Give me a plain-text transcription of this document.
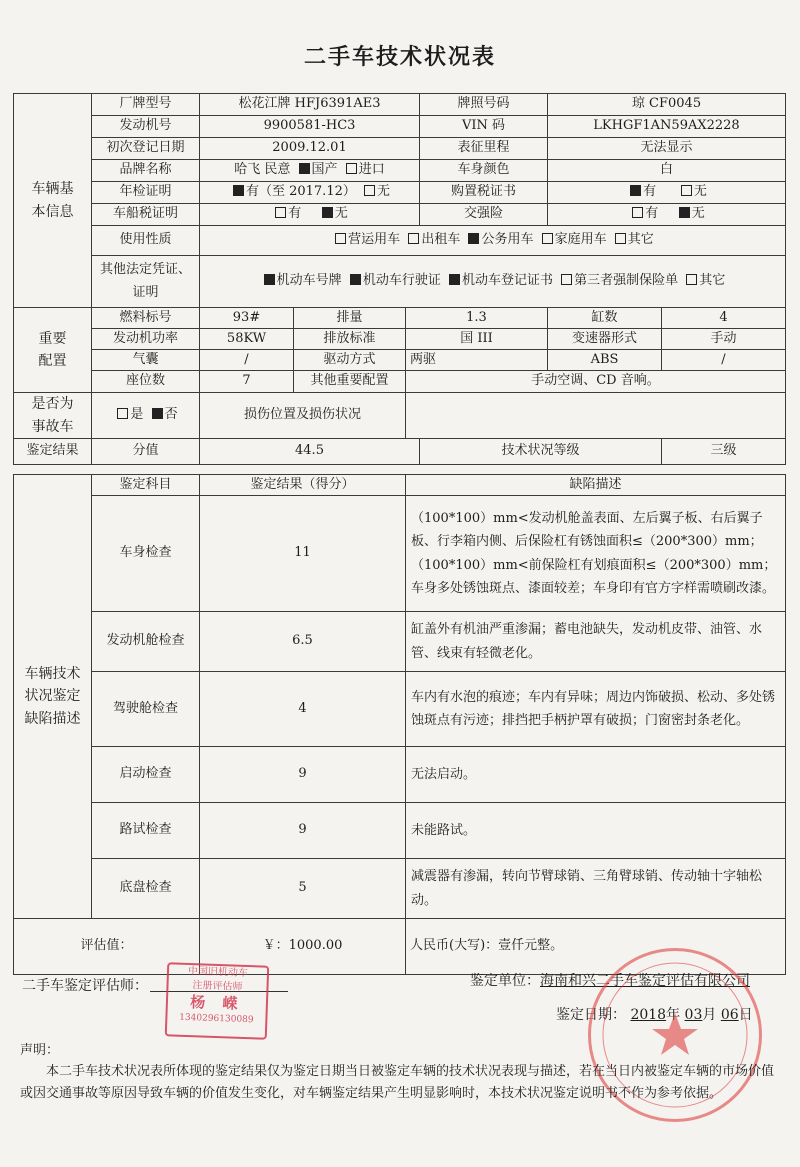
二手车技术状况表
车辆基本信息	厂牌型号	松花江牌 HFJ6391AE3			牌照号码	琼 CF0045	
	发动机号	9900581-HC3			VIN 码	LKHGF1AN59AX2228	
	初次登记日期	2009.12.01			表征里程	无法显示	
	品牌名称	哈飞 民意 国产 进口			车身颜色	白	
	年检证明	有（至 2017.12） 无			购置税证书	有 无	
	车船税证明	有 无			交强险	有 无	
	使用性质	营运用车 出租车 公务用车 家庭用车 其它					
	其他法定凭证、证明	机动车号牌 机动车行驶证 机动车登记证书 第三者强制保险单 其它					
重要配置	燃料标号	93#	排量	1.3		缸数	4
	发动机功率	58KW	排放标准	国 III		变速器形式	手动
	气囊	/	驱动方式	两驱		ABS	/
	座位数	7	其他重要配置	手动空调、CD 音响。			
是否为事故车	是 否	损伤位置及损伤状况					
鉴定结果	分值	44.5			技术状况等级		三级
车辆技术状况鉴定缺陷描述	鉴定科目	鉴定结果（得分）	缺陷描述
	车身检查	11	（100*100）mm<发动机舱盖表面、左后翼子板、右后翼子板、行李箱内侧、后保险杠有锈蚀面积≤（200*300）mm；（100*100）mm<前保险杠有划痕面积≤（200*300）mm；车身多处锈蚀斑点、漆面较差；车身印有官方字样需喷刷改漆。
	发动机舱检查	6.5	缸盖外有机油严重渗漏；蓄电池缺失，发动机皮带、油管、水管、线束有轻微老化。
	驾驶舱检查	4	车内有水泡的痕迹；车内有异味；周边内饰破损、松动、多处锈蚀斑点有污迹；排挡把手柄护罩有破损；门窗密封条老化。
	启动检查	9	无法启动。
	路试检查	9	未能路试。
	底盘检查	5	减震器有渗漏，转向节臂球销、三角臂球销、传动轴十字轴松动。
评估值：		￥：1000.00	人民币(大写)：壹仟元整。
二手车鉴定评估师：
中国旧机动车
注册评估师
杨 嵘
1340296130089
鉴定单位：海南和兴二手车鉴定评估有限公司
鉴定日期： 2018年 03月 06日
声明：

本二手车技术状况表所体现的鉴定结果仅为鉴定日期当日被鉴定车辆的技术状况表现与描述，若在当日内被鉴定车辆的市场价值或因交通事故等原因导致车辆的价值发生变化，对车辆鉴定结果产生明显影响时，本技术状况鉴定说明书不作为参考依据。
